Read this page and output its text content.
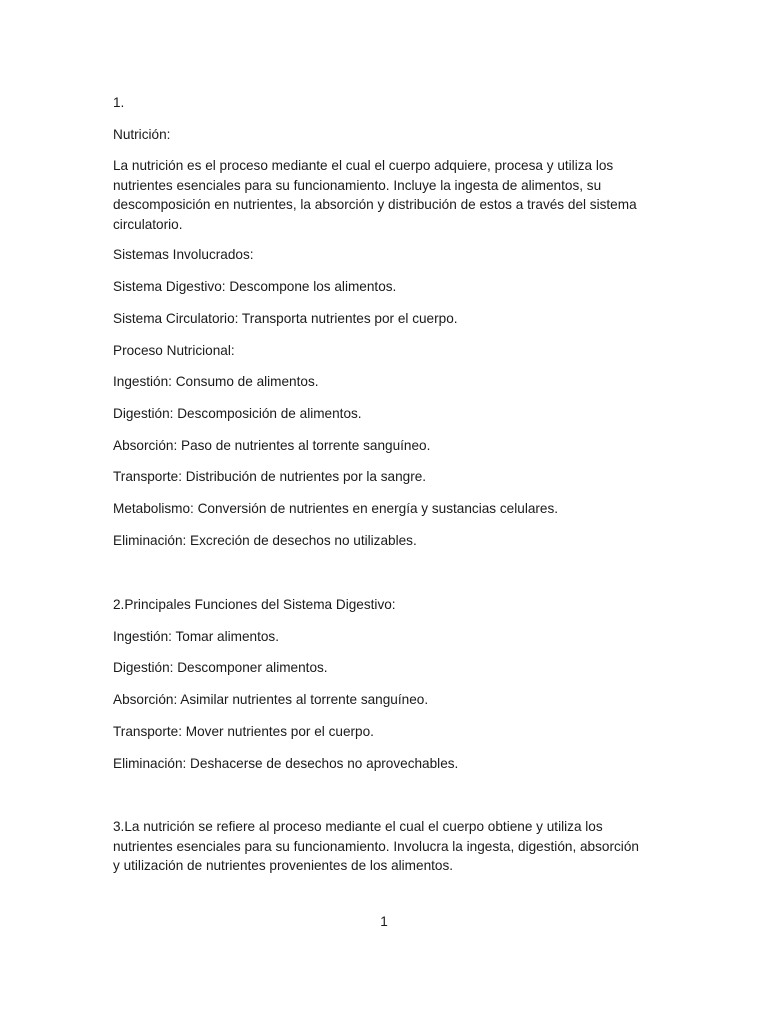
1.

Nutrición:

La nutrición es el proceso mediante el cual el cuerpo adquiere, procesa y utiliza los
nutrientes esenciales para su funcionamiento. Incluye la ingesta de alimentos, su
descomposición en nutrientes, la absorción y distribución de estos a través del sistema
circulatorio.

Sistemas Involucrados:

Sistema Digestivo: Descompone los alimentos.

Sistema Circulatorio: Transporta nutrientes por el cuerpo.

Proceso Nutricional:

Ingestión: Consumo de alimentos.

Digestión: Descomposición de alimentos.

Absorción: Paso de nutrientes al torrente sanguíneo.

Transporte: Distribución de nutrientes por la sangre.

Metabolismo: Conversión de nutrientes en energía y sustancias celulares.

Eliminación: Excreción de desechos no utilizables.

2.Principales Funciones del Sistema Digestivo:

Ingestión: Tomar alimentos.

Digestión: Descomponer alimentos.

Absorción: Asimilar nutrientes al torrente sanguíneo.

Transporte: Mover nutrientes por el cuerpo.

Eliminación: Deshacerse de desechos no aprovechables.

3.La nutrición se refiere al proceso mediante el cual el cuerpo obtiene y utiliza los
nutrientes esenciales para su funcionamiento. Involucra la ingesta, digestión, absorción
y utilización de nutrientes provenientes de los alimentos.
1
